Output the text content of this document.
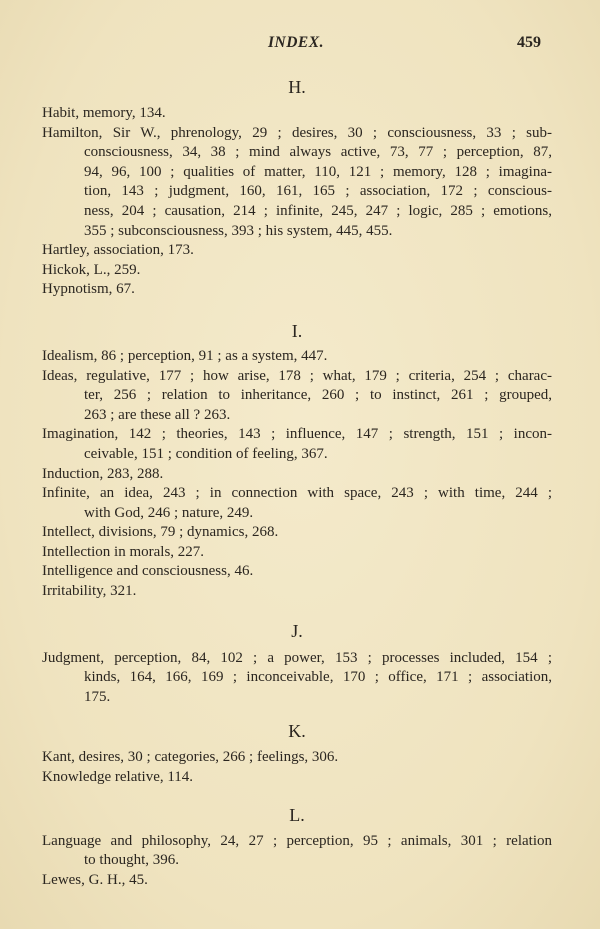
INDEX.	459
H.
Habit, memory, 134.
Hamilton, Sir W., phrenology, 29 ; desires, 30 ; consciousness, 33 ; sub-
consciousness, 34, 38 ; mind always active, 73, 77 ; perception, 87,
94, 96, 100 ; qualities of matter, 110, 121 ; memory, 128 ; imagina-
tion, 143 ; judgment, 160, 161, 165 ; association, 172 ; conscious-
ness, 204 ; causation, 214 ; infinite, 245, 247 ; logic, 285 ; emotions,
355 ; subconsciousness, 393 ; his system, 445, 455.
Hartley, association, 173.
Hickok, L., 259.
Hypnotism, 67.
I.
Idealism, 86 ; perception, 91 ; as a system, 447.
Ideas, regulative, 177 ; how arise, 178 ; what, 179 ; criteria, 254 ; charac-
ter, 256 ; relation to inheritance, 260 ; to instinct, 261 ; grouped,
263 ; are these all ? 263.
Imagination, 142 ; theories, 143 ; influence, 147 ; strength, 151 ; incon-
ceivable, 151 ; condition of feeling, 367.
Induction, 283, 288.
Infinite, an idea, 243 ; in connection with space, 243 ; with time, 244 ;
with God, 246 ; nature, 249.
Intellect, divisions, 79 ; dynamics, 268.
Intellection in morals, 227.
Intelligence and consciousness, 46.
Irritability, 321.
J.
Judgment, perception, 84, 102 ; a power, 153 ; processes included, 154 ;
kinds, 164, 166, 169 ; inconceivable, 170 ; office, 171 ; association,
175.
K.
Kant, desires, 30 ; categories, 266 ; feelings, 306.
Knowledge relative, 114.
L.
Language and philosophy, 24, 27 ; perception, 95 ; animals, 301 ; relation
to thought, 396.
Lewes, G. H., 45.
